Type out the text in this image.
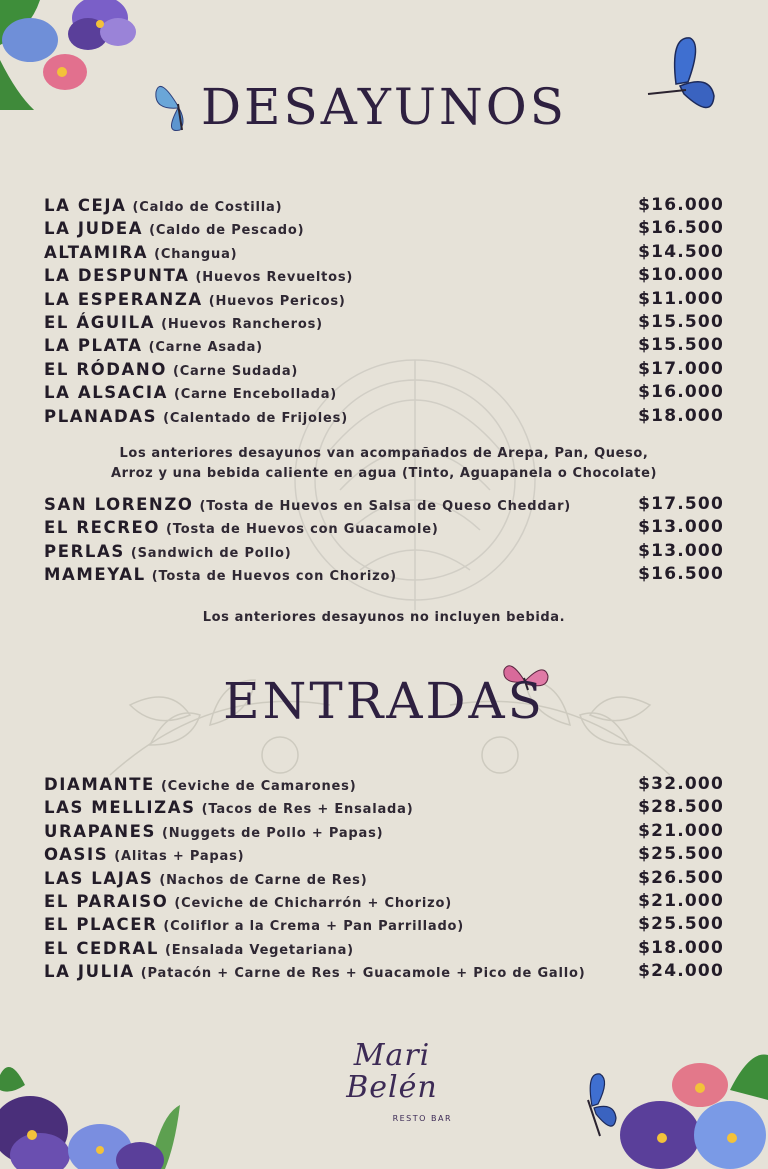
DESAYUNOS
LA CEJA (Caldo de Costilla)	$16.000
LA JUDEA (Caldo de Pescado)	$16.500
ALTAMIRA (Changua)	$14.500
LA DESPUNTA (Huevos Revueltos)	$10.000
LA ESPERANZA (Huevos Pericos)	$11.000
EL ÁGUILA (Huevos Rancheros)	$15.500
LA PLATA (Carne Asada)	$15.500
EL RÓDANO (Carne Sudada)	$17.000
LA ALSACIA (Carne Encebollada)	$16.000
PLANADAS (Calentado de Frijoles)	$18.000
Los anteriores desayunos van acompañados de Arepa, Pan, Queso,
Arroz y una bebida caliente en agua (Tinto, Aguapanela o Chocolate)
SAN LORENZO (Tosta de Huevos en Salsa de Queso Cheddar)	$17.500
EL RECREO (Tosta de Huevos con Guacamole)	$13.000
PERLAS (Sandwich de Pollo)	$13.000
MAMEYAL (Tosta de Huevos con Chorizo)	$16.500
Los anteriores desayunos no incluyen bebida.
ENTRADAS
DIAMANTE (Ceviche de Camarones)	$32.000
LAS MELLIZAS (Tacos de Res + Ensalada)	$28.500
URAPANES (Nuggets de Pollo + Papas)	$21.000
OASIS (Alitas + Papas)	$25.500
LAS LAJAS (Nachos de Carne de Res)	$26.500
EL PARAISO (Ceviche de Chicharrón + Chorizo)	$21.000
EL PLACER (Coliflor a la Crema + Pan Parrillado)	$25.500
EL CEDRAL (Ensalada Vegetariana)	$18.000
LA JULIA (Patacón + Carne de Res + Guacamole + Pico de Gallo)	$24.000
Mari
Belén
RESTO BAR
